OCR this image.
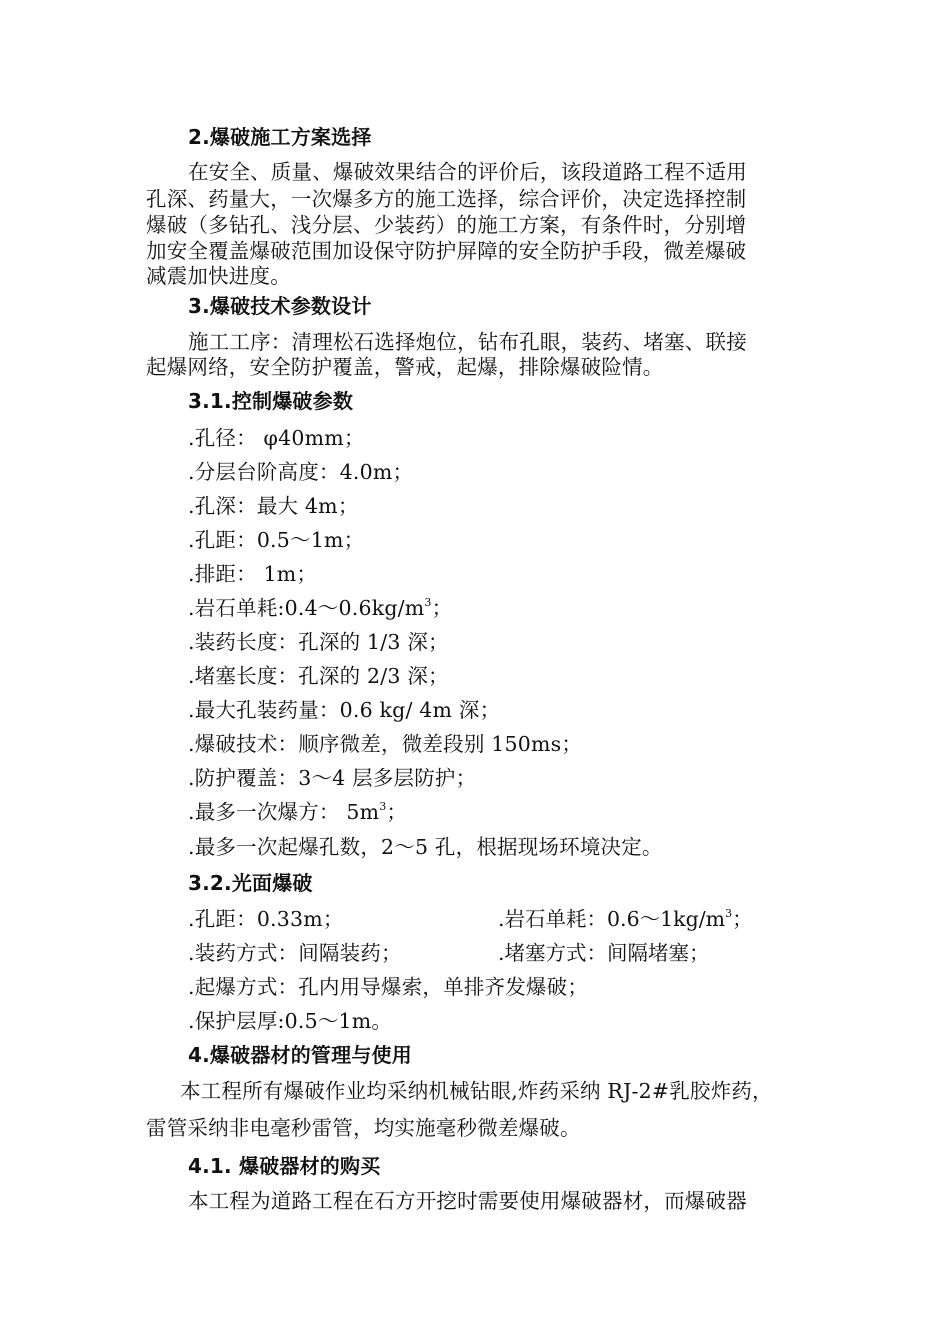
2.爆破施工方案选择
在安全、质量、爆破效果结合的评价后，该段道路工程不适用
孔深、药量大，一次爆多方的施工选择，综合评价，决定选择控制
爆破（多钻孔、浅分层、少装药）的施工方案，有条件时，分别增
加安全覆盖爆破范围加设保守防护屏障的安全防护手段，微差爆破
减震加快进度。
3.爆破技术参数设计
施工工序：清理松石选择炮位，钻布孔眼，装药、堵塞、联接
起爆网络，安全防护覆盖，警戒，起爆，排除爆破险情。
3.1.控制爆破参数
.孔径： φ40mm；
.分层台阶高度：4.0m；
.孔深：最大 4m；
.孔距：0.5～1m；
.排距： 1m；
.岩石单耗$:0.4\sim 0.6kg/m^3$；
.装药长度：孔深的 1/3 深；
.堵塞长度：孔深的 2/3 深；
.最大孔装药量：0.6 kg/ 4m 深；
.爆破技术：顺序微差，微差段别 150ms；
.防护覆盖：3～4 层多层防护；
.最多一次爆方： $5m^3$；
.最多一次起爆孔数，2～5 孔，根据现场环境决定。
3.2.光面爆破
.孔距：0.33m；	.岩石单耗：$0.6\sim 1kg/m^3$；
.装药方式：间隔装药；	.堵塞方式：间隔堵塞；
.起爆方式：孔内用导爆索，单排齐发爆破；
.保护层厚:0.5～1m。
4.爆破器材的管理与使用
本工程所有爆破作业均采纳机械钻眼,炸药采纳 RJ-2#乳胶炸药，
雷管采纳非电毫秒雷管，均实施毫秒微差爆破。
4.1. 爆破器材的购买
本工程为道路工程在石方开挖时需要使用爆破器材，而爆破器
